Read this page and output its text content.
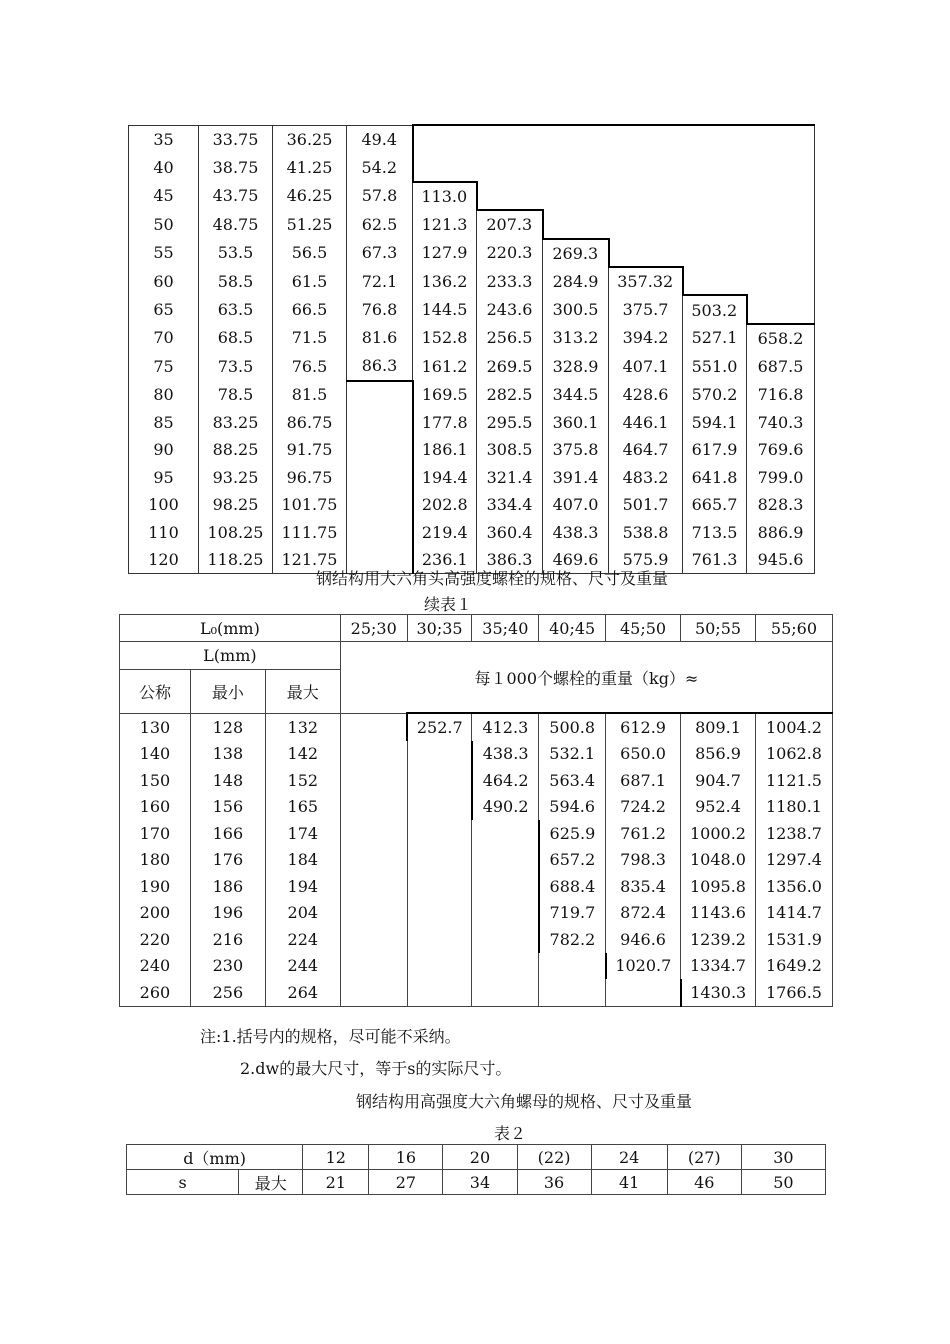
35	33.75	36.25	49.4						
40	38.75	41.25	54.2						
45	43.75	46.25	57.8	113.0					
50	48.75	51.25	62.5	121.3	207.3				
55	53.5	56.5	67.3	127.9	220.3	269.3			
60	58.5	61.5	72.1	136.2	233.3	284.9	357.32		
65	63.5	66.5	76.8	144.5	243.6	300.5	375.7	503.2	
70	68.5	71.5	81.6	152.8	256.5	313.2	394.2	527.1	658.2
75	73.5	76.5	86.3	161.2	269.5	328.9	407.1	551.0	687.5
80	78.5	81.5		169.5	282.5	344.5	428.6	570.2	716.8
85	83.25	86.75		177.8	295.5	360.1	446.1	594.1	740.3
90	88.25	91.75		186.1	308.5	375.8	464.7	617.9	769.6
95	93.25	96.75		194.4	321.4	391.4	483.2	641.8	799.0
100	98.25	101.75		202.8	334.4	407.0	501.7	665.7	828.3
110	108.25	111.75		219.4	360.4	438.3	538.8	713.5	886.9
120	118.25	121.75		236.1	386.3	469.6	575.9	761.3	945.6
钢结构用大六角头高强度螺栓的规格、尺寸及重量
续表１
L₀(mm)			25;30	30;35	35;40	40;45	45;50	50;55	55;60
L(mm)			每１000个螺栓的重量（kg）≈						
公称	最小	最大							
130	128	132		252.7	412.3	500.8	612.9	809.1	1004.2
140	138	142			438.3	532.1	650.0	856.9	1062.8
150	148	152			464.2	563.4	687.1	904.7	1121.5
160	156	165			490.2	594.6	724.2	952.4	1180.1
170	166	174				625.9	761.2	1000.2	1238.7
180	176	184				657.2	798.3	1048.0	1297.4
190	186	194				688.4	835.4	1095.8	1356.0
200	196	204				719.7	872.4	1143.6	1414.7
220	216	224				782.2	946.6	1239.2	1531.9
240	230	244					1020.7	1334.7	1649.2
260	256	264						1430.3	1766.5
注:1.括号内的规格，尽可能不采纳。
2.dw的最大尺寸，等于s的实际尺寸。
钢结构用高强度大六角螺母的规格、尺寸及重量
表２
d（mm)		12	16	20	(22)	24	(27)	30
s	最大	21	27	34	36	41	46	50
